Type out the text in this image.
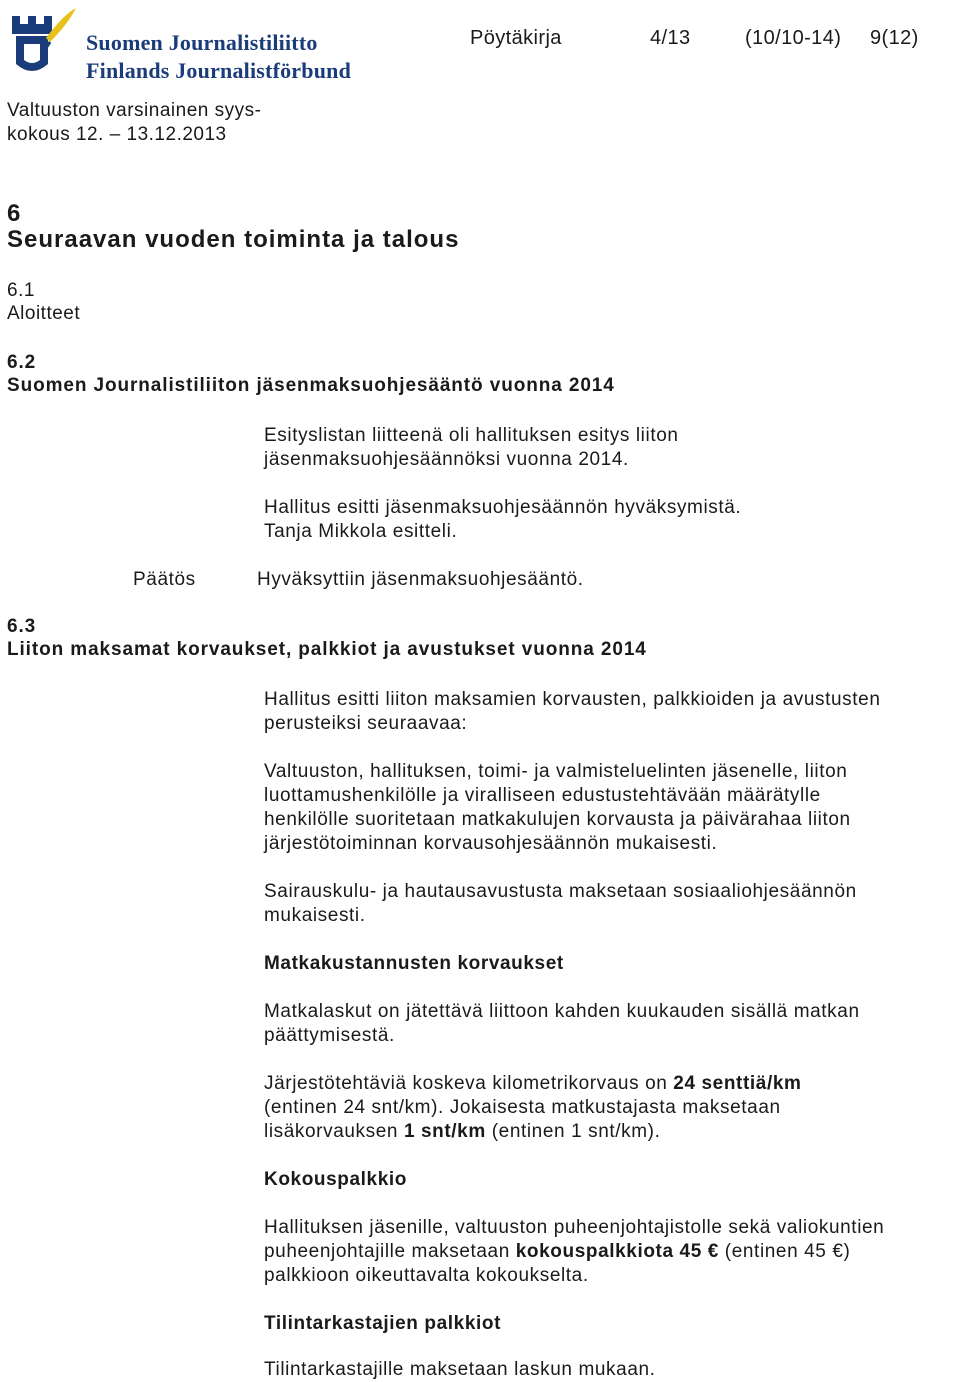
Suomen Journalistiliitto
Finlands Journalistförbund
Pöytäkirja	4/13	(10/10-14) 9(12)
Valtuuston varsinainen syys-
kokous 12. – 13.12.2013
6
Seuraavan vuoden toiminta ja talous
6.1
Aloitteet
6.2
Suomen Journalistiliiton jäsenmaksuohjesääntö vuonna 2014
Esityslistan liitteenä oli hallituksen esitys liiton
jäsenmaksuohjesäännöksi vuonna 2014.
Hallitus esitti jäsenmaksuohjesäännön hyväksymistä.
Tanja Mikkola esitteli.
Päätös	Hyväksyttiin jäsenmaksuohjesääntö.
6.3
Liiton maksamat korvaukset, palkkiot ja avustukset vuonna 2014
Hallitus esitti liiton maksamien korvausten, palkkioiden ja avustusten
perusteiksi seuraavaa:
Valtuuston, hallituksen, toimi- ja valmisteluelinten jäsenelle, liiton
luottamushenkilölle ja viralliseen edustustehtävään määrätylle
henkilölle suoritetaan matkakulujen korvausta ja päivärahaa liiton
järjestötoiminnan korvausohjesäännön mukaisesti.
Sairauskulu- ja hautausavustusta maksetaan sosiaaliohjesäännön
mukaisesti.
Matkakustannusten korvaukset
Matkalaskut on jätettävä liittoon kahden kuukauden sisällä matkan
päättymisestä.
Järjestötehtäviä koskeva kilometrikorvaus on 24 senttiä/km
(entinen 24 snt/km). Jokaisesta matkustajasta maksetaan
lisäkorvauksen 1 snt/km (entinen 1 snt/km).
Kokouspalkkio
Hallituksen jäsenille, valtuuston puheenjohtajistolle sekä valiokuntien
puheenjohtajille maksetaan kokouspalkkiota 45 € (entinen 45 €)
palkkioon oikeuttavalta kokoukselta.
Tilintarkastajien palkkiot
Tilintarkastajille maksetaan laskun mukaan.
